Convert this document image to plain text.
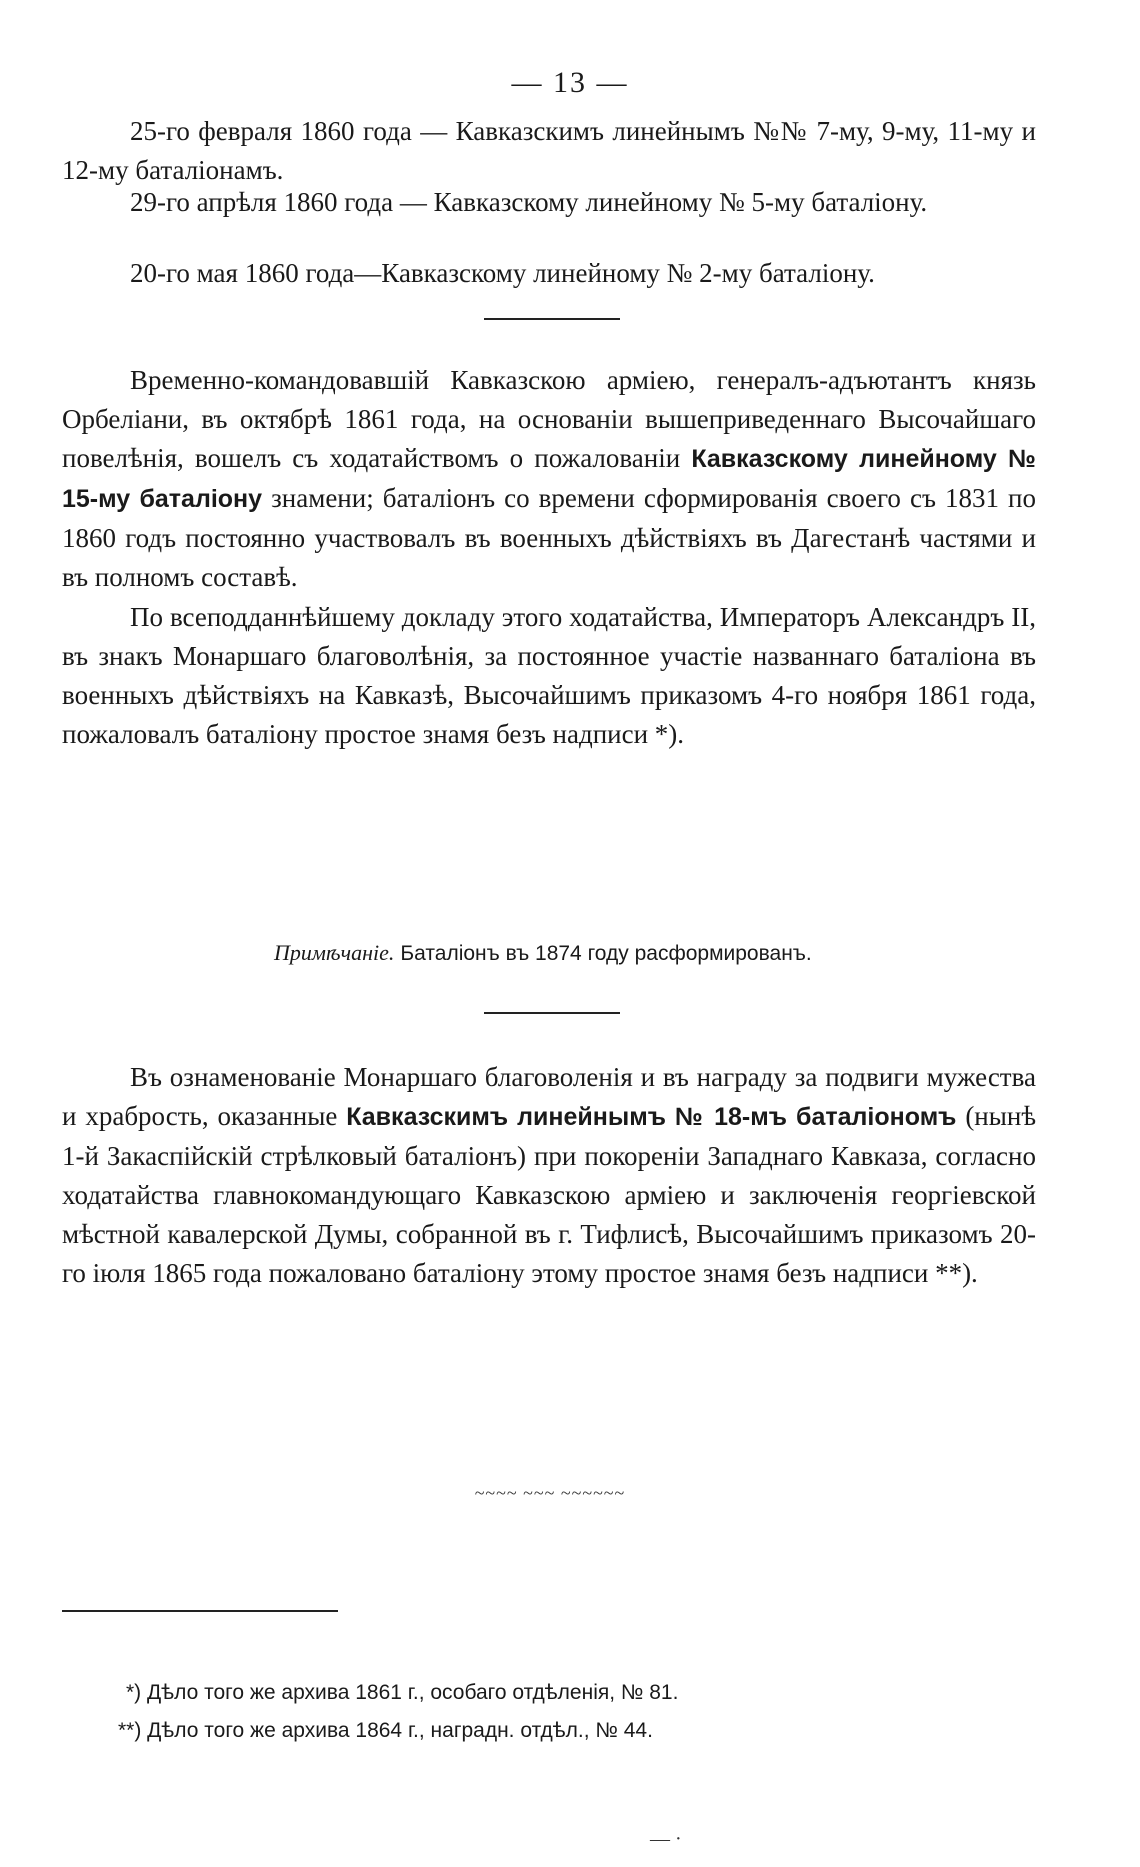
— 13 —

25-го февраля 1860 года — Кавказскимъ линейнымъ №№ 7-му, 9-му, 11-му и 12-му баталіонамъ.

29-го апрѣля 1860 года — Кавказскому линейному № 5-му баталіону.

20-го мая 1860 года—Кавказскому линейному № 2-му баталіону.

Временно-командовавшій Кавказскою арміею, генералъ-адъютантъ князь Орбеліани, въ октябрѣ 1861 года, на основаніи вышеприведеннаго Высочайшаго повелѣнія, вошелъ съ ходатайствомъ о пожалованіи Кавказскому линейному № 15-му баталіону знамени; баталіонъ со времени сформированія своего съ 1831 по 1860 годъ постоянно участвовалъ въ военныхъ дѣйствіяхъ въ Дагестанѣ частями и въ полномъ составѣ.

По всеподданнѣйшему докладу этого ходатайства, Императоръ Александръ II, въ знакъ Монаршаго благоволѣнія, за постоянное участіе названнаго баталіона въ военныхъ дѣйствіяхъ на Кавказѣ, Высочайшимъ приказомъ 4-го ноября 1861 года, пожаловалъ баталіону простое знамя безъ надписи *).

Примѣчаніе. Баталіонъ въ 1874 году расформированъ.

Въ ознаменованіе Монаршаго благоволенія и въ награду за подвиги мужества и храбрость, оказанные Кавказскимъ линейнымъ № 18-мъ баталіономъ (нынѣ 1-й Закаспійскій стрѣлковый баталіонъ) при покореніи Западнаго Кавказа, согласно ходатайства главнокомандующаго Кавказскою арміею и заключенія георгіевской мѣстной кавалерской Думы, собранной въ г. Тифлисѣ, Высочайшимъ приказомъ 20-го іюля 1865 года пожаловано баталіону этому простое знамя безъ надписи **).

~~~~ ~~~ ~~~~~~
*) Дѣло того же архива 1861 г., особаго отдѣленія, № 81.
**) Дѣло того же архива 1864 г., наградн. отдѣл., № 44.
— ·
